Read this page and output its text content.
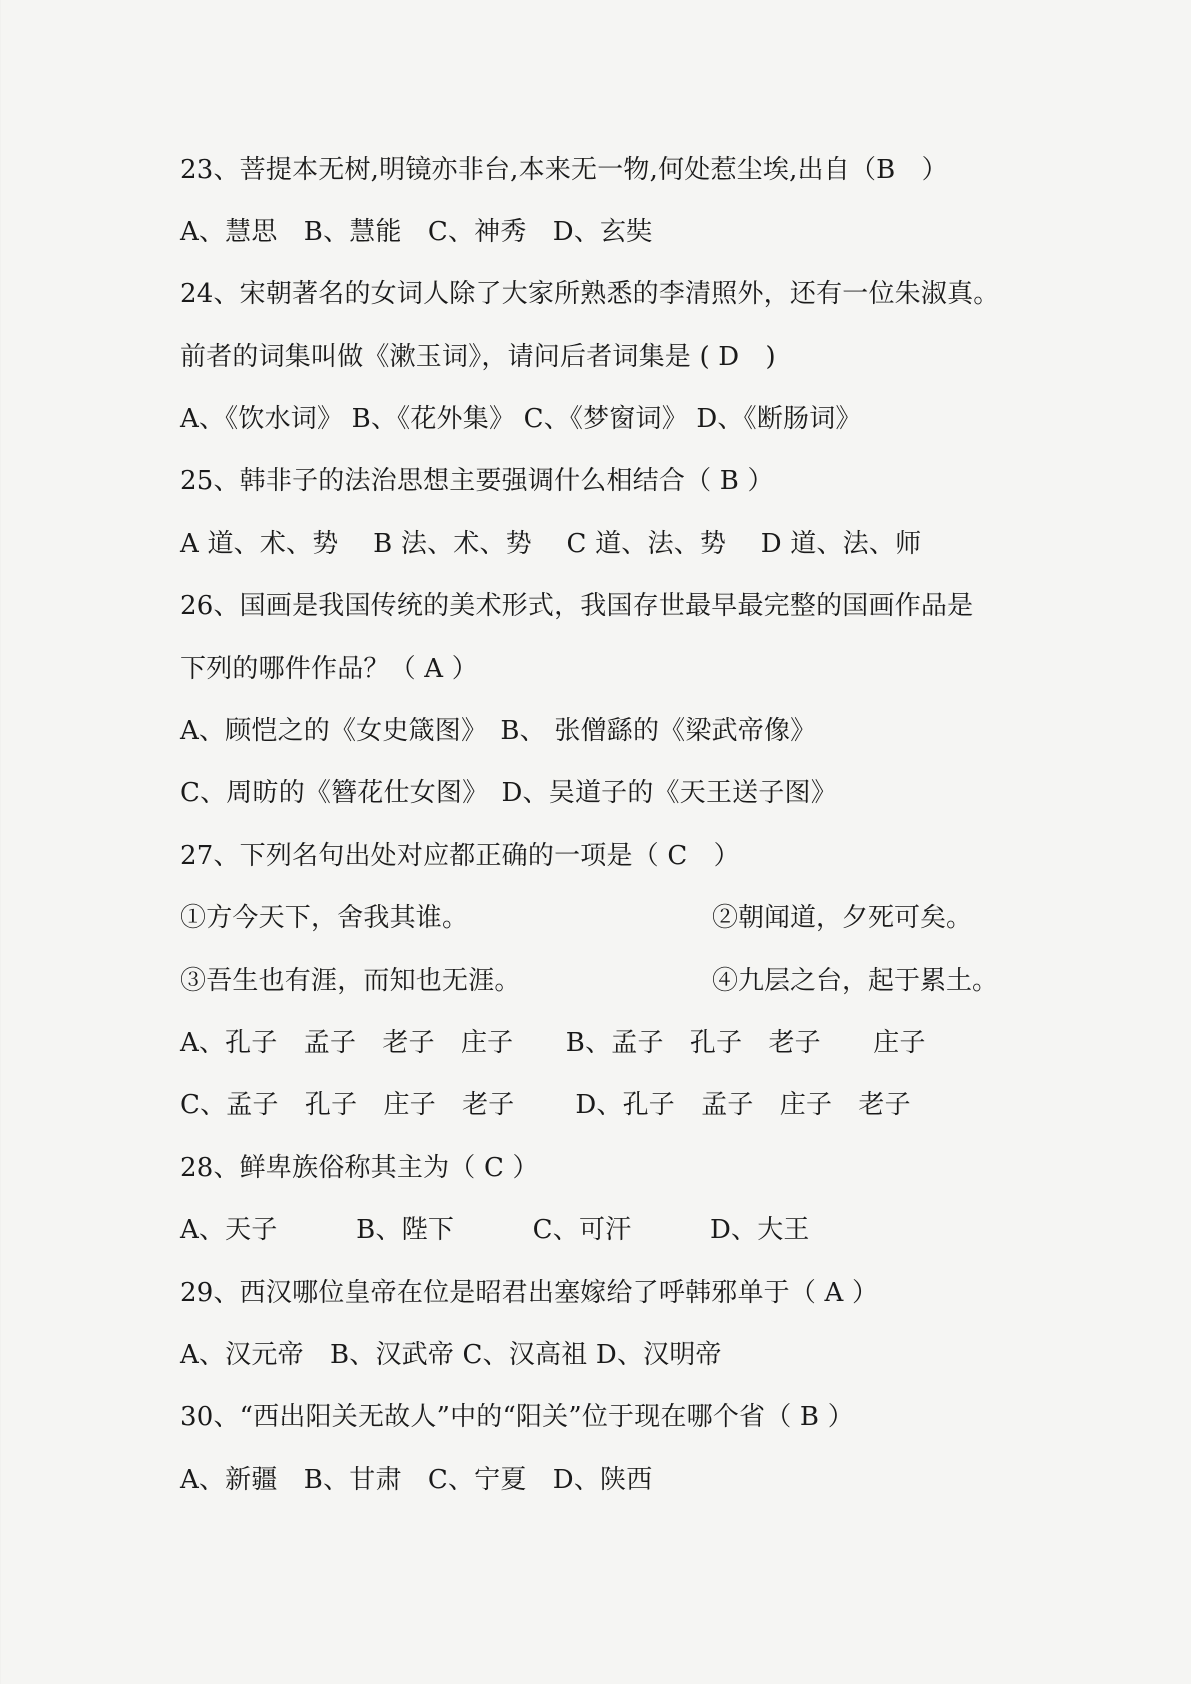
23、菩提本无树,明镜亦非台,本来无一物,何处惹尘埃,出自（B　）
A、慧思　B、慧能　C、神秀　D、玄奘
24、宋朝著名的女词人除了大家所熟悉的李清照外，还有一位朱淑真。
前者的词集叫做《漱玉词》，请问后者词集是 ( D　)
A、《饮水词》 B、《花外集》 C、《梦窗词》 D、《断肠词》
25、韩非子的法治思想主要强调什么相结合（ B ）
A 道、术、势　 B 法、术、势　 C 道、法、势　 D 道、法、师
26、国画是我国传统的美术形式，我国存世最早最完整的国画作品是
下列的哪件作品？（ A ）
A、顾恺之的《女史箴图》　B、 张僧繇的《梁武帝像》
C、周昉的《簪花仕女图》　D、吴道子的《天王送子图》
27、下列名句出处对应都正确的一项是（ C　）
①方今天下，舍我其谁。	②朝闻道，夕死可矣。
③吾生也有涯，而知也无涯。	④九层之台，起于累土。
A、孔子　孟子　老子　庄子　　B、孟子　孔子　老子　　庄子
C、孟子　孔子　庄子　老子　　 D、孔子　孟子　庄子　老子
28、鲜卑族俗称其主为（ C ）
A、天子　　　B、陛下　　　C、可汗　　　D、大王
29、西汉哪位皇帝在位是昭君出塞嫁给了呼韩邪单于（ A ）
A、汉元帝　B、汉武帝 C、汉高祖 D、汉明帝
30、“西出阳关无故人”中的“阳关”位于现在哪个省（ B ）
A、新疆　B、甘肃　C、宁夏　D、陕西
